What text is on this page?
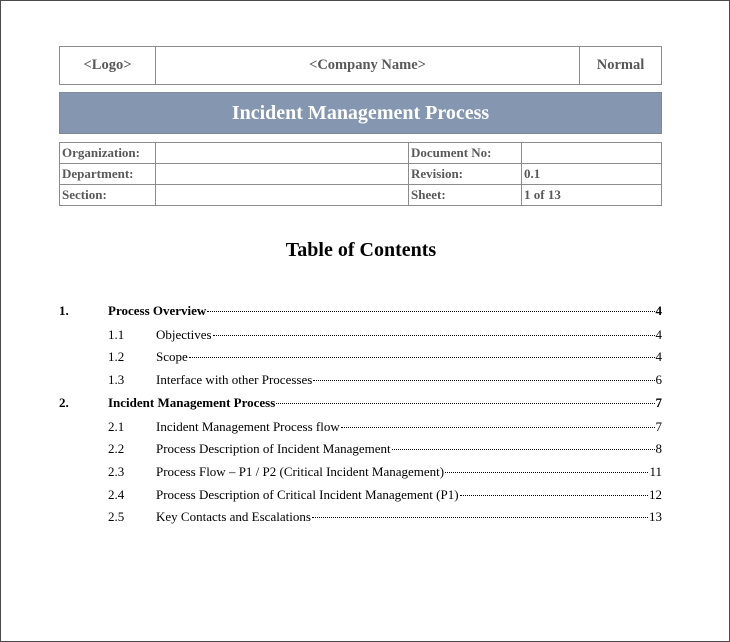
<Logo>	<Company Name>	Normal
Incident Management Process
Organization:		Document No:	
Department:		Revision:	0.1
Section:		Sheet:	1 of 13
Table of Contents
1.	Process Overview	4
1.1	Objectives	4
1.2	Scope	4
1.3	Interface with other Processes	6
2.	Incident Management Process	7
2.1	Incident Management Process flow	7
2.2	Process Description of Incident Management	8
2.3	Process Flow – P1 / P2 (Critical Incident Management)	11
2.4	Process Description of Critical Incident Management (P1)	12
2.5	Key Contacts and Escalations	13
